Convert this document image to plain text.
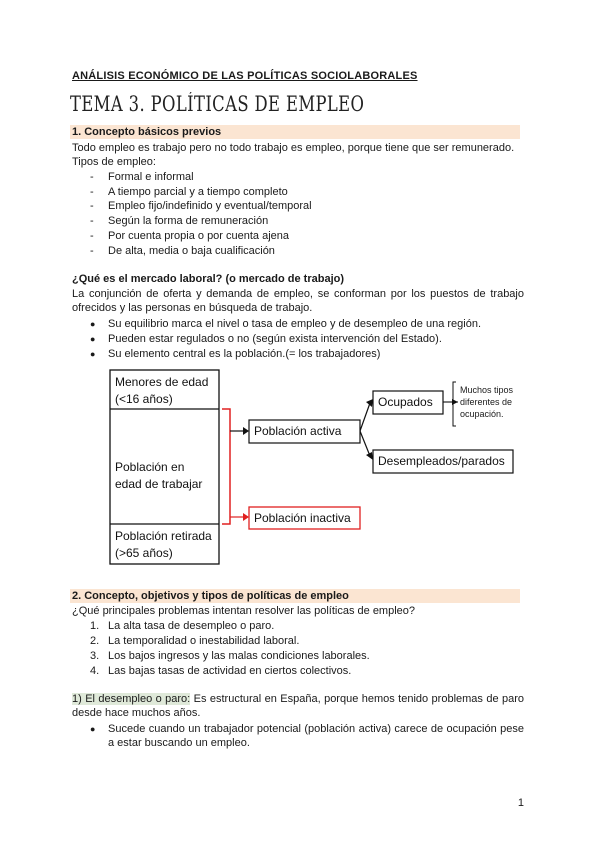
ANÁLISIS ECONÓMICO DE LAS POLÍTICAS SOCIOLABORALES
TEMA 3. POLÍTICAS DE EMPLEO
1. Concepto básicos previos
Todo empleo es trabajo pero no todo trabajo es empleo, porque tiene que ser remunerado.
Tipos de empleo:
- Formal e informal
- A tiempo parcial y a tiempo completo
- Empleo fijo/indefinido y eventual/temporal
- Según la forma de remuneración
- Por cuenta propia o por cuenta ajena
- De alta, media o baja cualificación
¿Qué es el mercado laboral? (o mercado de trabajo)
La conjunción de oferta y demanda de empleo, se conforman por los puestos de trabajo ofrecidos y las personas en búsqueda de trabajo.
● Su equilibrio marca el nivel o tasa de empleo y de desempleo de una región.
● Pueden estar regulados o no (según exista intervención del Estado).
● Su elemento central es la población.(= los trabajadores)
Menores de edad
(<16 años)
Población en
edad de trabajar
Población retirada
(>65 años)
Población activa
Población inactiva
Ocupados
Desempleados/parados
Muchos tipos
diferentes de
ocupación.
2. Concepto, objetivos y tipos de políticas de empleo
¿Qué principales problemas intentan resolver las políticas de empleo?
1. La alta tasa de desempleo o paro.
2. La temporalidad o inestabilidad laboral.
3. Los bajos ingresos y las malas condiciones laborales.
4. Las bajas tasas de actividad en ciertos colectivos.
1) El desempleo o paro: Es estructural en España, porque hemos tenido problemas de paro desde hace muchos años.
● Sucede cuando un trabajador potencial (población activa) carece de ocupación pese a estar buscando un empleo.
1
